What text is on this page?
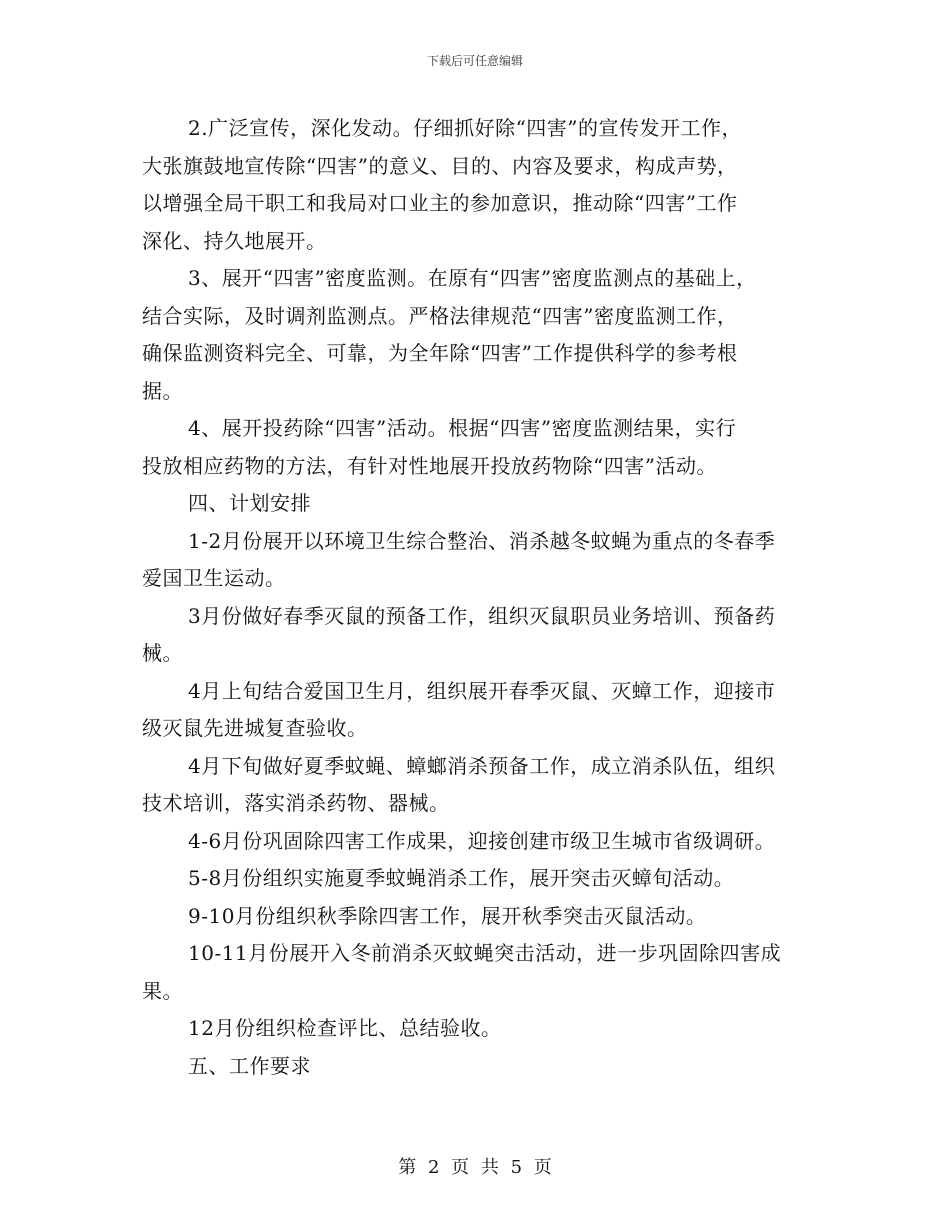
下载后可任意编辑

2.广泛宣传，深化发动。仔细抓好除“四害”的宣传发开工作，
大张旗鼓地宣传除“四害”的意义、目的、内容及要求，构成声势，
以增强全局干职工和我局对口业主的参加意识，推动除“四害”工作
深化、持久地展开。

3、展开“四害”密度监测。在原有“四害”密度监测点的基础上，
结合实际，及时调剂监测点。严格法律规范“四害”密度监测工作，
确保监测资料完全、可靠，为全年除“四害”工作提供科学的参考根
据。

4、展开投药除“四害”活动。根据“四害”密度监测结果，实行
投放相应药物的方法，有针对性地展开投放药物除“四害”活动。

四、计划安排

1-2月份展开以环境卫生综合整治、消杀越冬蚊蝇为重点的冬春季
爱国卫生运动。

3月份做好春季灭鼠的预备工作，组织灭鼠职员业务培训、预备药
械。

4月上旬结合爱国卫生月，组织展开春季灭鼠、灭蟑工作，迎接市
级灭鼠先进城复查验收。

4月下旬做好夏季蚊蝇、蟑螂消杀预备工作，成立消杀队伍，组织
技术培训，落实消杀药物、器械。

4-6月份巩固除四害工作成果，迎接创建市级卫生城市省级调研。

5-8月份组织实施夏季蚊蝇消杀工作，展开突击灭蟑旬活动。

9-10月份组织秋季除四害工作，展开秋季突击灭鼠活动。

10-11月份展开入冬前消杀灭蚊蝇突击活动，进一步巩固除四害成
果。

12月份组织检查评比、总结验收。

五、工作要求

第 2 页 共 5 页
